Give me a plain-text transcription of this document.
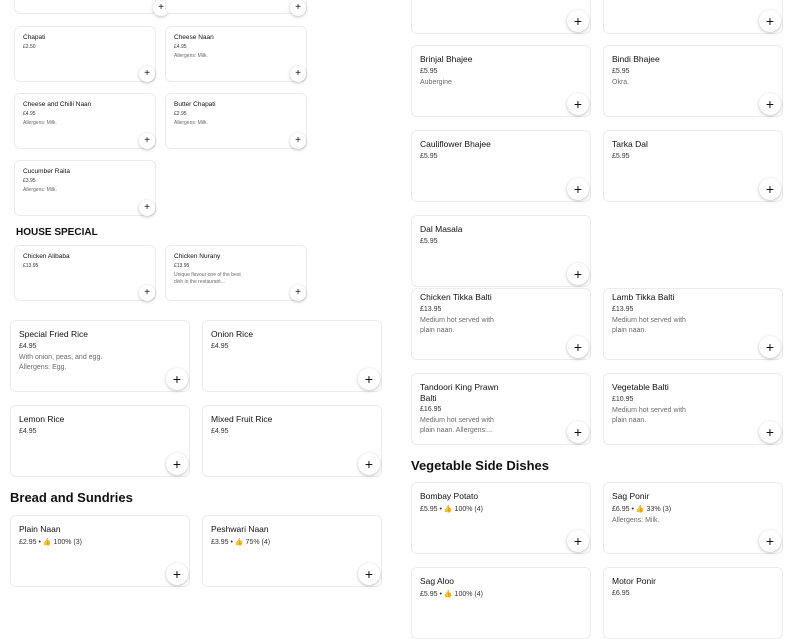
+	+
Chapati
£2.50
+
Cheese Naan
£4.95
Allergens: Milk.
+
Cheese and Chilli Naan
£4.95
Allergens: Milk.
+
Butter Chapati
£2.95
Allergens: Milk.
+
Cucumber Raita
£3.95
Allergens: Milk.
+
HOUSE SPECIAL
Chicken Alibaba
£13.95
+
Chicken Nurany
£13.95
Unique flavour one of the best dish in the restaurant...
+
Special Fried Rice
£4.95
With onion, peas, and egg. Allergens: Egg.
+
Onion Rice
£4.95
+
Lemon Rice
£4.95
+
Mixed Fruit Rice
£4.95
+
Bread and Sundries
Plain Naan
£2.95 • 👍 100% (3)
+
Peshwari Naan
£3.95 • 👍 75% (4)
+
+	+
Brinjal Bhajee
£5.95
Aubergine
+
Bindi Bhajee
£5.95
Okra.
+
Cauliflower Bhajee
£5.95
+
Tarka Dal
£5.95
+
Dal Masala
£5.95
+
Chicken Tikka Balti
£13.95
Medium hot served with plain naan.
+
Lamb Tikka Balti
£13.95
Medium hot served with plain naan.
+
Tandoori King Prawn Balti
£16.95
Medium hot served with plain naan. Allergens:...	+
Vegetable Balti
£10.95
Medium hot served with plain naan.
+
Vegetable Side Dishes
Bombay Potato
£5.95 • 👍 100% (4)
+
Sag Ponir
£6.95 • 👍 33% (3)
Allergens: Milk.
+
Sag Aloo
£5.95 • 👍 100% (4)
Motor Ponir
£6.95
